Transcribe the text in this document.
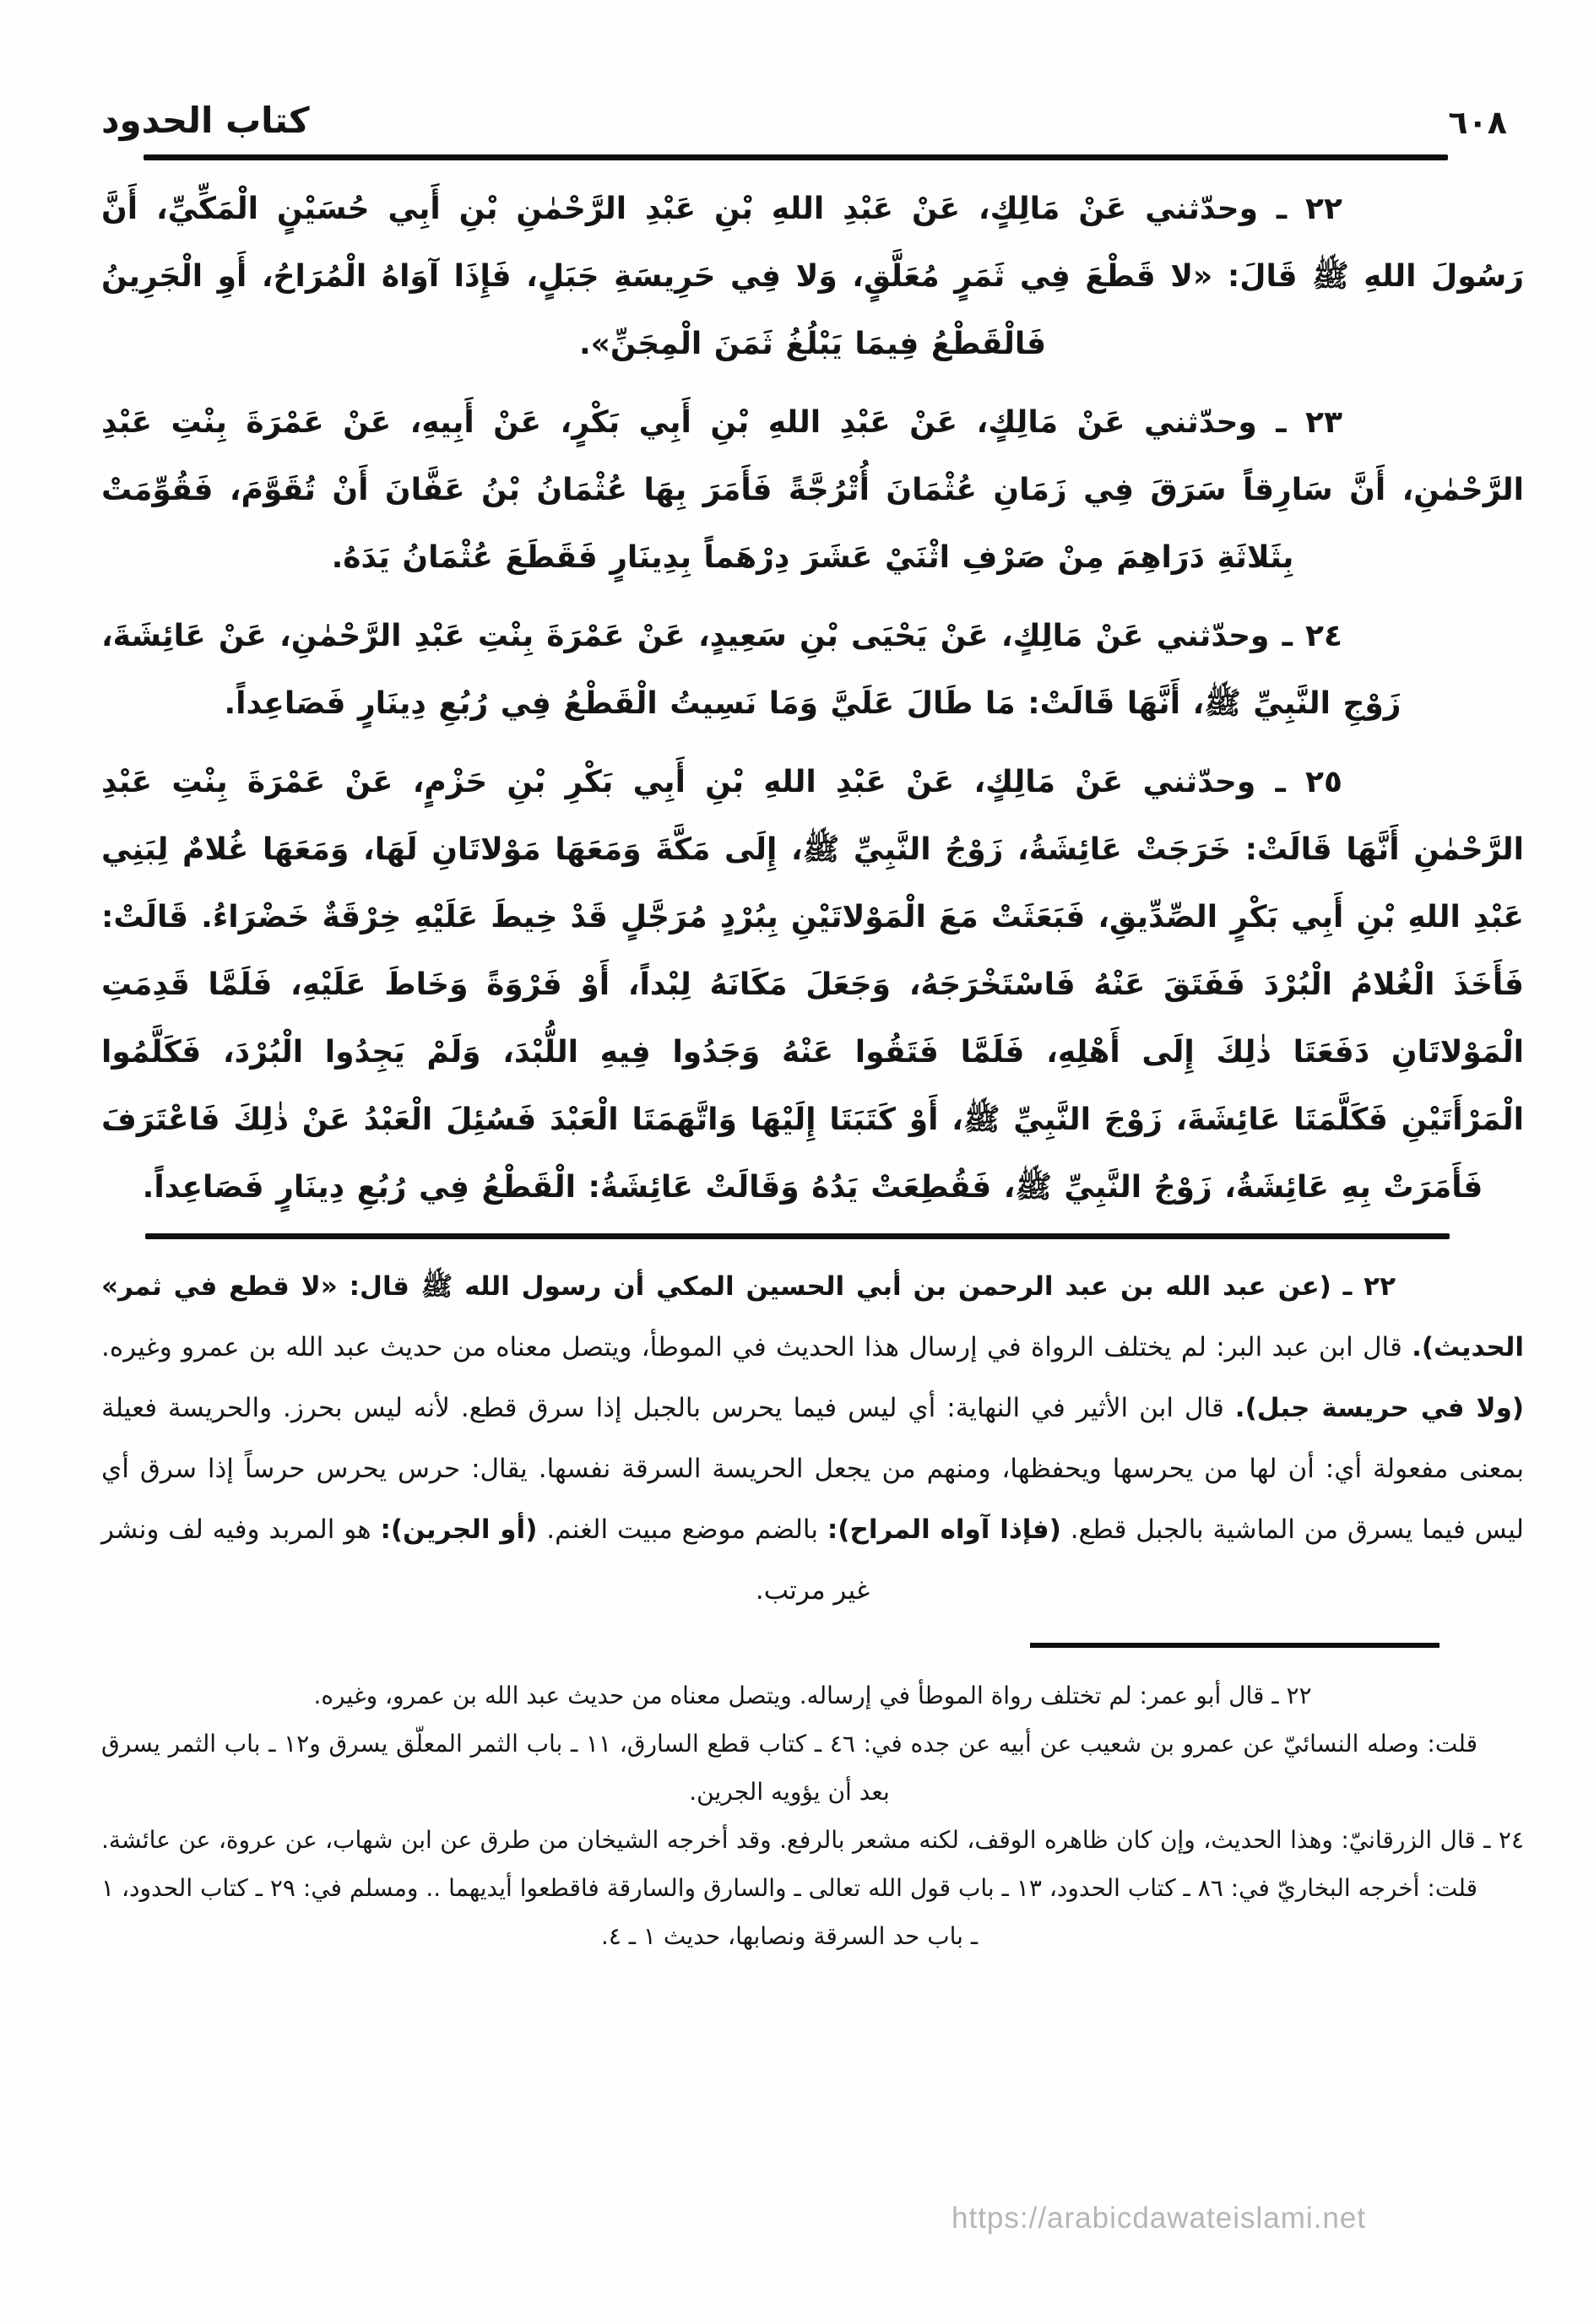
٦٠٨
كتاب الحدود

٢٢ ـ وحدّثني عَنْ مَالِكٍ، عَنْ عَبْدِ اللهِ بْنِ عَبْدِ الرَّحْمٰنِ بْنِ أَبِي حُسَيْنٍ الْمَكِّيِّ، أَنَّ رَسُولَ اللهِ ﷺ قَالَ: «لا قَطْعَ فِي ثَمَرٍ مُعَلَّقٍ، وَلا فِي حَرِيسَةِ جَبَلٍ، فَإِذَا آوَاهُ الْمُرَاحُ، أَوِ الْجَرِينُ فَالْقَطْعُ فِيمَا يَبْلُغُ ثَمَنَ الْمِجَنِّ».

٢٣ ـ وحدّثني عَنْ مَالِكٍ، عَنْ عَبْدِ اللهِ بْنِ أَبِي بَكْرٍ، عَنْ أَبِيهِ، عَنْ عَمْرَةَ بِنْتِ عَبْدِ الرَّحْمٰنِ، أَنَّ سَارِقاً سَرَقَ فِي زَمَانِ عُثْمَانَ أُتْرُجَّةً فَأَمَرَ بِهَا عُثْمَانُ بْنُ عَفَّانَ أَنْ تُقَوَّمَ، فَقُوِّمَتْ بِثَلاثَةِ دَرَاهِمَ مِنْ صَرْفِ اثْنَيْ عَشَرَ دِرْهَماً بِدِينَارٍ فَقَطَعَ عُثْمَانُ يَدَهُ.

٢٤ ـ وحدّثني عَنْ مَالِكٍ، عَنْ يَحْيَى بْنِ سَعِيدٍ، عَنْ عَمْرَةَ بِنْتِ عَبْدِ الرَّحْمٰنِ، عَنْ عَائِشَةَ، زَوْجِ النَّبِيِّ ﷺ، أَنَّهَا قَالَتْ: مَا طَالَ عَلَيَّ وَمَا نَسِيتُ الْقَطْعُ فِي رُبُعِ دِينَارٍ فَصَاعِداً.

٢٥ ـ وحدّثني عَنْ مَالِكٍ، عَنْ عَبْدِ اللهِ بْنِ أَبِي بَكْرِ بْنِ حَزْمٍ، عَنْ عَمْرَةَ بِنْتِ عَبْدِ الرَّحْمٰنِ أَنَّهَا قَالَتْ: خَرَجَتْ عَائِشَةُ، زَوْجُ النَّبِيِّ ﷺ، إِلَى مَكَّةَ وَمَعَهَا مَوْلاتَانِ لَهَا، وَمَعَهَا غُلامٌ لِبَنِي عَبْدِ اللهِ بْنِ أَبِي بَكْرٍ الصِّدِّيقِ، فَبَعَثَتْ مَعَ الْمَوْلاتَيْنِ بِبُرْدٍ مُرَجَّلٍ قَدْ خِيطَ عَلَيْهِ خِرْقَةٌ خَضْرَاءُ. قَالَتْ: فَأَخَذَ الْغُلامُ الْبُرْدَ فَفَتَقَ عَنْهُ فَاسْتَخْرَجَهُ، وَجَعَلَ مَكَانَهُ لِبْداً، أَوْ فَرْوَةً وَخَاطَ عَلَيْهِ، فَلَمَّا قَدِمَتِ الْمَوْلاتَانِ دَفَعَتَا ذٰلِكَ إِلَى أَهْلِهِ، فَلَمَّا فَتَقُوا عَنْهُ وَجَدُوا فِيهِ اللُّبْدَ، وَلَمْ يَجِدُوا الْبُرْدَ، فَكَلَّمُوا الْمَرْأَتَيْنِ فَكَلَّمَتَا عَائِشَةَ، زَوْجَ النَّبِيِّ ﷺ، أَوْ كَتَبَتَا إِلَيْهَا وَاتَّهَمَتَا الْعَبْدَ فَسُئِلَ الْعَبْدُ عَنْ ذٰلِكَ فَاعْتَرَفَ فَأَمَرَتْ بِهِ عَائِشَةُ، زَوْجُ النَّبِيِّ ﷺ، فَقُطِعَتْ يَدُهُ وَقَالَتْ عَائِشَةُ: الْقَطْعُ فِي رُبُعِ دِينَارٍ فَصَاعِداً.

٢٢ ـ (عن عبد الله بن عبد الرحمن بن أبي الحسين المكي أن رسول الله ﷺ قال: «لا قطع في ثمر» الحديث). قال ابن عبد البر: لم يختلف الرواة في إرسال هذا الحديث في الموطأ، ويتصل معناه من حديث عبد الله بن عمرو وغيره. (ولا في حريسة جبل). قال ابن الأثير في النهاية: أي ليس فيما يحرس بالجبل إذا سرق قطع. لأنه ليس بحرز. والحريسة فعيلة بمعنى مفعولة أي: أن لها من يحرسها ويحفظها، ومنهم من يجعل الحريسة السرقة نفسها. يقال: حرس يحرس حرساً إذا سرق أي ليس فيما يسرق من الماشية بالجبل قطع. (فإذا آواه المراح): بالضم موضع مبيت الغنم. (أو الجرين): هو المربد وفيه لف ونشر غير مرتب.

٢٢ ـ قال أبو عمر: لم تختلف رواة الموطأ في إرساله. ويتصل معناه من حديث عبد الله بن عمرو، وغيره.

قلت: وصله النسائيّ عن عمرو بن شعيب عن أبيه عن جده في: ٤٦ ـ كتاب قطع السارق، ١١ ـ باب الثمر المعلّق يسرق و١٢ ـ باب الثمر يسرق بعد أن يؤويه الجرين.

٢٤ ـ قال الزرقانيّ: وهذا الحديث، وإن كان ظاهره الوقف، لكنه مشعر بالرفع. وقد أخرجه الشيخان من طرق عن ابن شهاب، عن عروة، عن عائشة. قلت: أخرجه البخاريّ في: ٨٦ ـ كتاب الحدود، ١٣ ـ باب قول الله تعالى ـ والسارق والسارقة فاقطعوا أيديهما .. ومسلم في: ٢٩ ـ كتاب الحدود، ١ ـ باب حد السرقة ونصابها، حديث ١ ـ ٤.

https://arabicdawateislami.net
